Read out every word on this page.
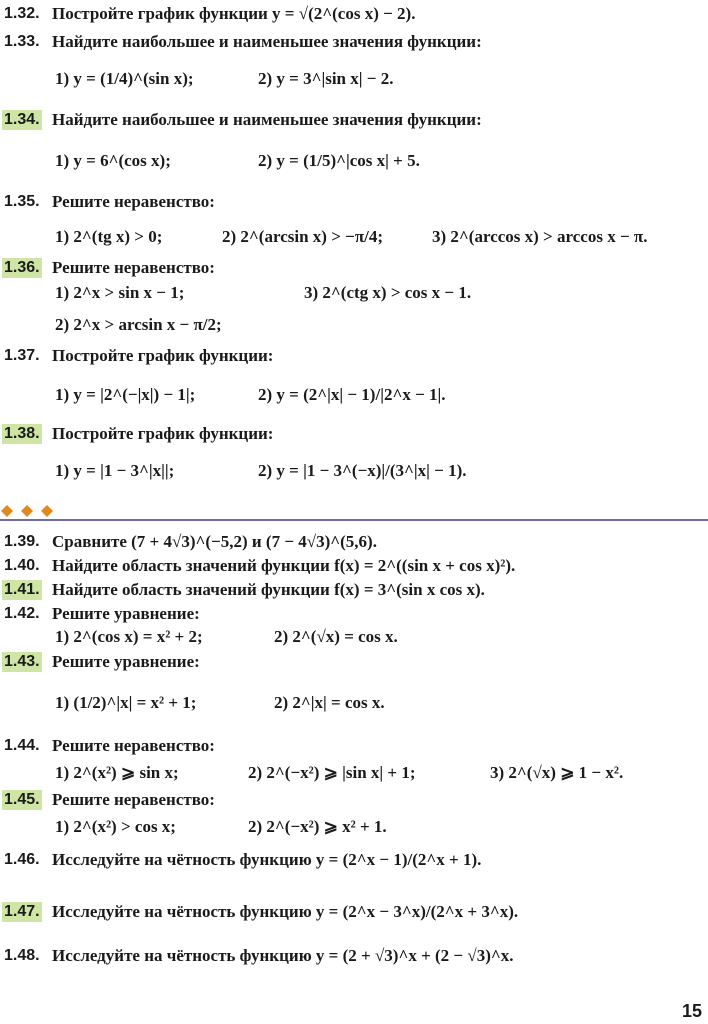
1.32. Постройте график функции y = √(2^(cos x) − 2).
1.33. Найдите наибольшее и наименьшее значения функции:
1) y = (1/4)^(sin x);	2) y = 3^|sin x| − 2.
1.34. Найдите наибольшее и наименьшее значения функции:
1) y = 6^(cos x);	2) y = (1/5)^|cos x| + 5.
1.35. Решите неравенство:
1) 2^(tg x) > 0;	2) 2^(arcsin x) > −π/4;	3) 2^(arccos x) > arccos x − π.
1.36. Решите неравенство:
1) 2^x > sin x − 1;	3) 2^(ctg x) > cos x − 1.
2) 2^x > arcsin x − π/2;
1.37. Постройте график функции:
1) y = |2^(−|x|) − 1|;	2) y = (2^|x| − 1)/|2^x − 1|.
1.38. Постройте график функции:
1) y = |1 − 3^|x||;	2) y = |1 − 3^(−x)|/(3^|x| − 1).
1.39. Сравните (7 + 4√3)^(−5,2) и (7 − 4√3)^(5,6).
1.40. Найдите область значений функции f(x) = 2^((sin x + cos x)²).
1.41. Найдите область значений функции f(x) = 3^(sin x cos x).
1.42. Решите уравнение:
1) 2^(cos x) = x² + 2;	2) 2^(√x) = cos x.
1.43. Решите уравнение:
1) (1/2)^|x| = x² + 1;	2) 2^|x| = cos x.
1.44. Решите неравенство:
1) 2^(x²) ⩾ sin x;	2) 2^(−x²) ⩾ |sin x| + 1;	3) 2^(√x) ⩾ 1 − x².
1.45. Решите неравенство:
1) 2^(x²) > cos x;	2) 2^(−x²) ⩾ x² + 1.
1.46. Исследуйте на чётность функцию y = (2^x − 1)/(2^x + 1).
1.47. Исследуйте на чётность функцию y = (2^x − 3^x)/(2^x + 3^x).
1.48. Исследуйте на чётность функцию y = (2 + √3)^x + (2 − √3)^x.
15
